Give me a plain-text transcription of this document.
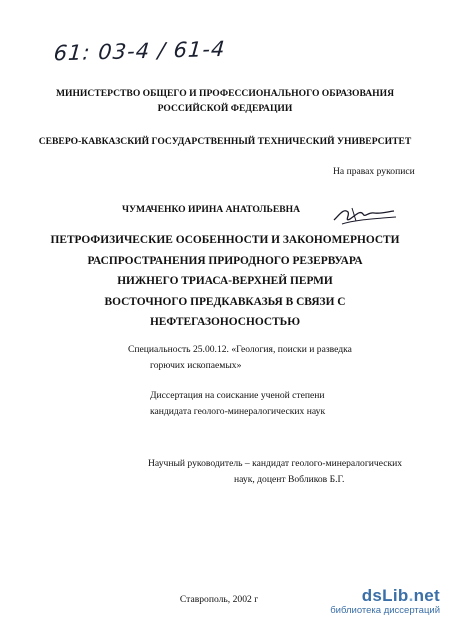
61: 03-4 / 61-4
МИНИСТЕРСТВО ОБЩЕГО И ПРОФЕССИОНАЛЬНОГО ОБРАЗОВАНИЯ
РОССИЙСКОЙ ФЕДЕРАЦИИ
СЕВЕРО-КАВКАЗСКИЙ ГОСУДАРСТВЕННЫЙ ТЕХНИЧЕСКИЙ УНИВЕРСИТЕТ
На правах рукописи
ЧУМАЧЕНКО ИРИНА АНАТОЛЬЕВНА
ПЕТРОФИЗИЧЕСКИЕ ОСОБЕННОСТИ И ЗАКОНОМЕРНОСТИ
РАСПРОСТРАНЕНИЯ ПРИРОДНОГО РЕЗЕРВУАРА
НИЖНЕГО ТРИАСА-ВЕРХНЕЙ ПЕРМИ
ВОСТОЧНОГО ПРЕДКАВКАЗЬЯ В СВЯЗИ С
НЕФТЕГАЗОНОСНОСТЬЮ
Специальность 25.00.12. «Геология, поиски и разведка
горючих ископаемых»
Диссертация на соискание ученой степени
кандидата геолого-минералогических наук
Научный руководитель – кандидат геолого-минералогических
наук, доцент Вобликов Б.Г.
Ставрополь, 2002 г	dsLib.net
библиотека диссертаций
